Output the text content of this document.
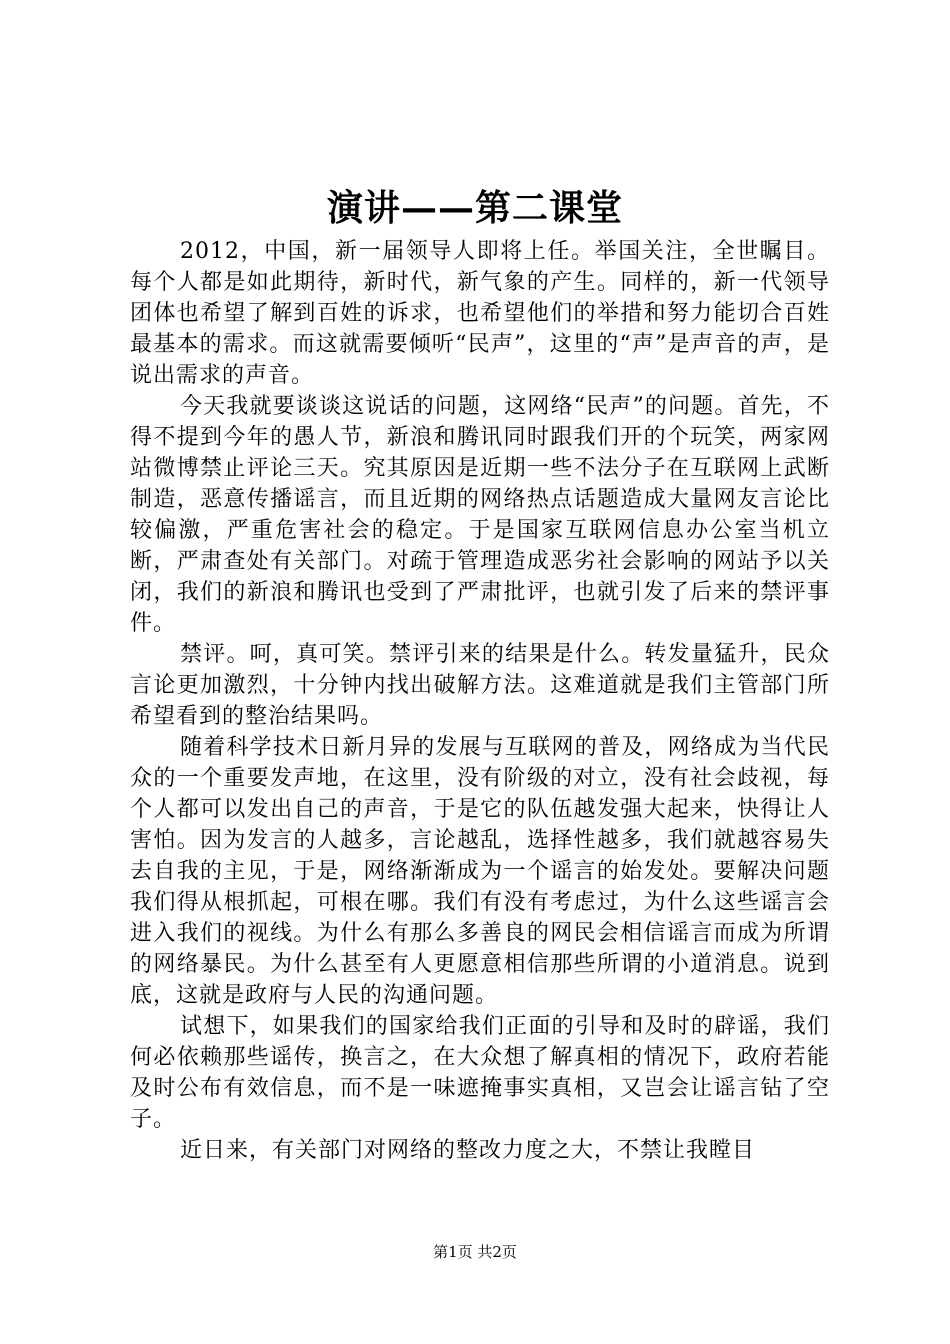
演讲——第二课堂

2012，中国，新一届领导人即将上任。举国关注，全世瞩目。每个人都是如此期待，新时代，新气象的产生。同样的，新一代领导团体也希望了解到百姓的诉求，也希望他们的举措和努力能切合百姓最基本的需求。而这就需要倾听“民声”，这里的“声”是声音的声，是说出需求的声音。

今天我就要谈谈这说话的问题，这网络“民声”的问题。首先，不得不提到今年的愚人节，新浪和腾讯同时跟我们开的个玩笑，两家网站微博禁止评论三天。究其原因是近期一些不法分子在互联网上武断制造，恶意传播谣言，而且近期的网络热点话题造成大量网友言论比较偏激，严重危害社会的稳定。于是国家互联网信息办公室当机立断，严肃查处有关部门。对疏于管理造成恶劣社会影响的网站予以关闭，我们的新浪和腾讯也受到了严肃批评，也就引发了后来的禁评事件。

禁评。呵，真可笑。禁评引来的结果是什么。转发量猛升，民众言论更加激烈，十分钟内找出破解方法。这难道就是我们主管部门所希望看到的整治结果吗。

随着科学技术日新月异的发展与互联网的普及，网络成为当代民众的一个重要发声地，在这里，没有阶级的对立，没有社会歧视，每个人都可以发出自己的声音，于是它的队伍越发强大起来，快得让人害怕。因为发言的人越多，言论越乱，选择性越多，我们就越容易失去自我的主见，于是，网络渐渐成为一个谣言的始发处。要解决问题我们得从根抓起，可根在哪。我们有没有考虑过，为什么这些谣言会进入我们的视线。为什么有那么多善良的网民会相信谣言而成为所谓的网络暴民。为什么甚至有人更愿意相信那些所谓的小道消息。说到底，这就是政府与人民的沟通问题。

试想下，如果我们的国家给我们正面的引导和及时的辟谣，我们何必依赖那些谣传，换言之，在大众想了解真相的情况下，政府若能及时公布有效信息，而不是一味遮掩事实真相，又岂会让谣言钻了空子。

近日来，有关部门对网络的整改力度之大，不禁让我瞠目

第1页 共2页
